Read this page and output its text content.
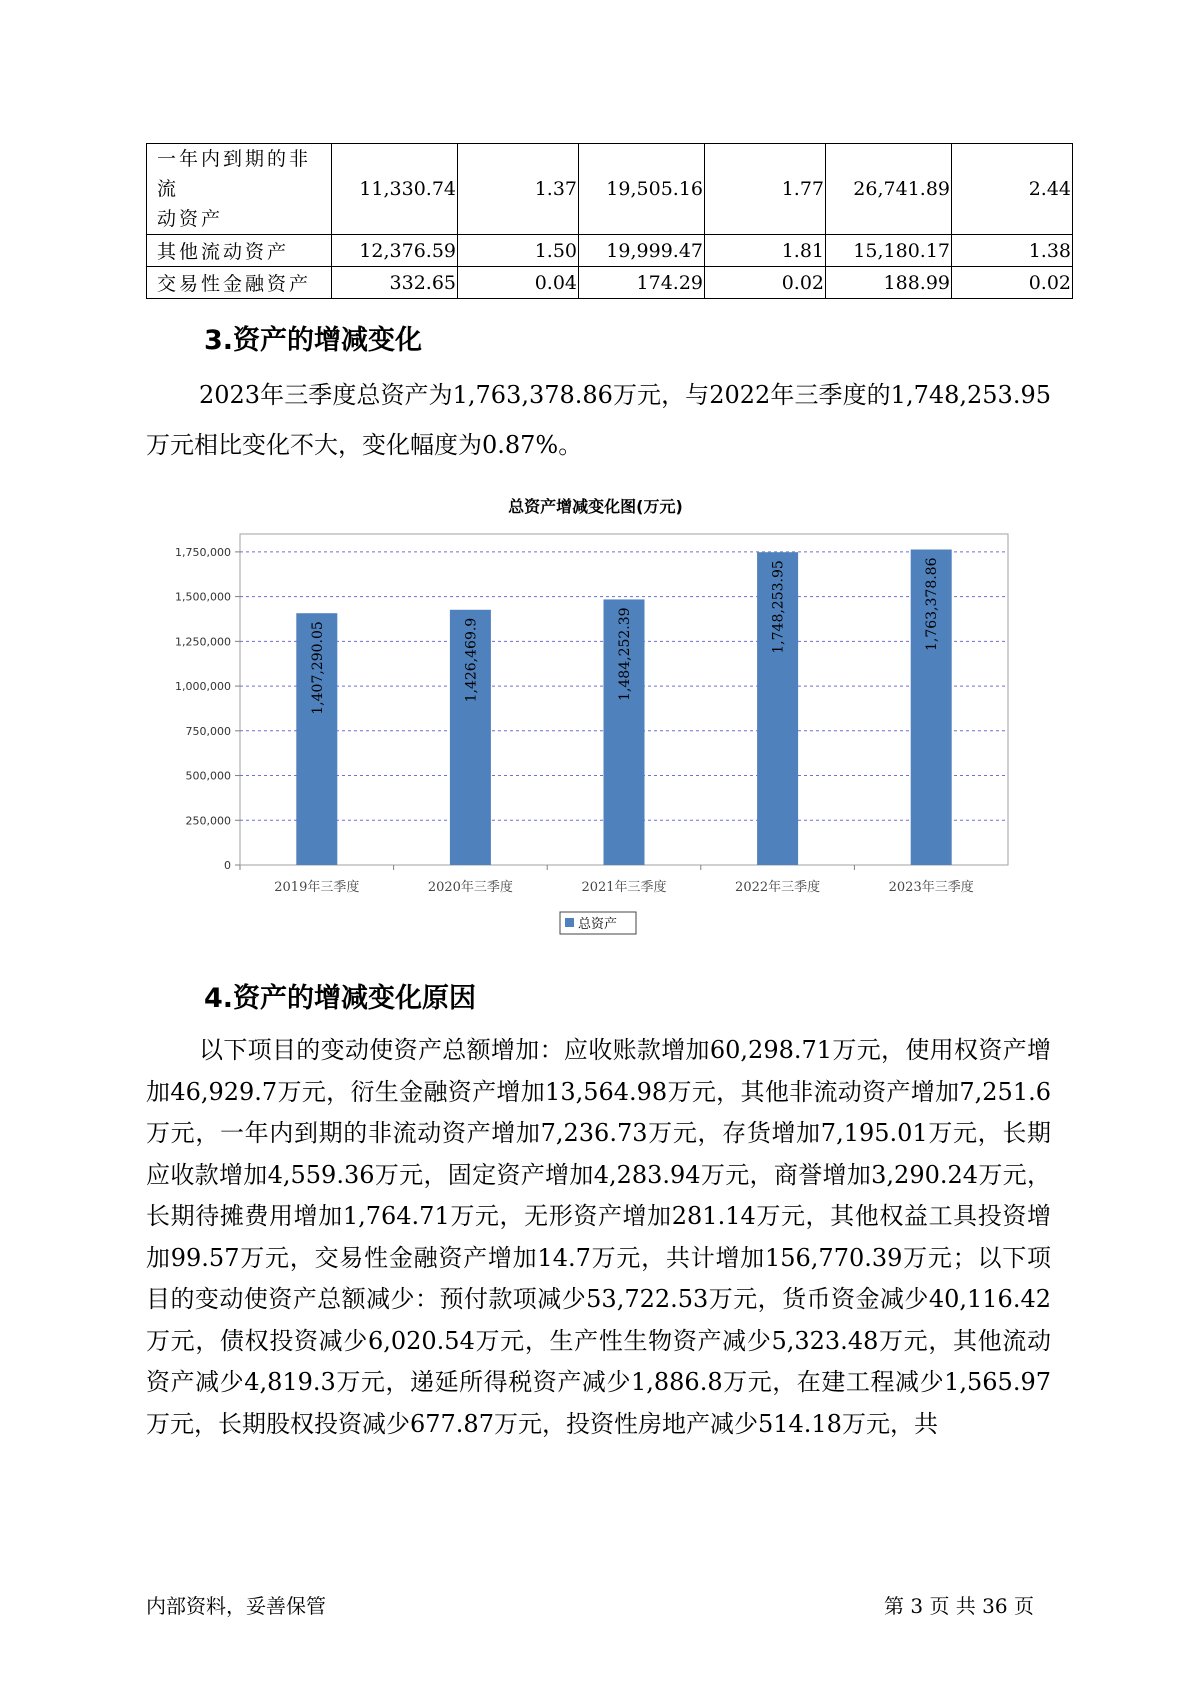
一年内到期的非流
动资产	11,330.74	1.37	19,505.16	1.77	26,741.89	2.44
其他流动资产	12,376.59	1.50	19,999.47	1.81	15,180.17	1.38
交易性金融资产	332.65	0.04	174.29	0.02	188.99	0.02
3.资产的增减变化
2023年三季度总资产为1,763,378.86万元，与2022年三季度的1,748,253.95万元相比变化不大，变化幅度为0.87%。
总资产增减变化图(万元)
0
250,000
500,000
750,000
1,000,000
1,250,000
1,500,000
1,750,000
1,407,290.05
2019年三季度
1,426,469.9
2020年三季度
1,484,252.39
2021年三季度
1,748,253.95
2022年三季度
1,763,378.86
2023年三季度
总资产
4.资产的增减变化原因
以下项目的变动使资产总额增加：应收账款增加60,298.71万元，使用权资产增加46,929.7万元，衍生金融资产增加13,564.98万元，其他非流动资产增加7,251.6万元，一年内到期的非流动资产增加7,236.73万元，存货增加7,195.01万元，长期应收款增加4,559.36万元，固定资产增加4,283.94万元，商誉增加3,290.24万元，长期待摊费用增加1,764.71万元，无形资产增加281.14万元，其他权益工具投资增加99.57万元，交易性金融资产增加14.7万元，共计增加156,770.39万元；以下项目的变动使资产总额减少：预付款项减少53,722.53万元，货币资金减少40,116.42万元，债权投资减少6,020.54万元，生产性生物资产减少5,323.48万元，其他流动资产减少4,819.3万元，递延所得税资产减少1,886.8万元，在建工程减少1,565.97万元，长期股权投资减少677.87万元，投资性房地产减少514.18万元，共
内部资料，妥善保管	第 3 页 共 36 页
